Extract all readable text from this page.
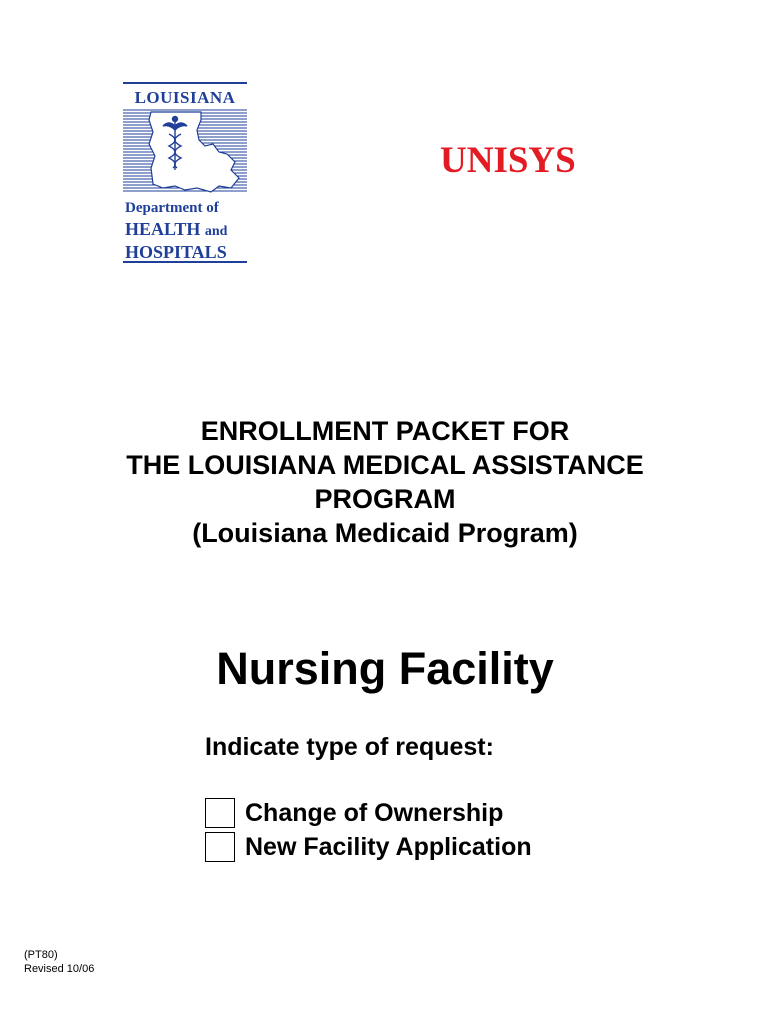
LOUISIANA
Department of
HEALTH and
HOSPITALS
UNISYS
ENROLLMENT PACKET FOR
THE LOUISIANA MEDICAL ASSISTANCE
PROGRAM
(Louisiana Medicaid Program)
Nursing Facility
Indicate type of request:
Change of Ownership
New Facility Application
(PT80)
Revised 10/06
